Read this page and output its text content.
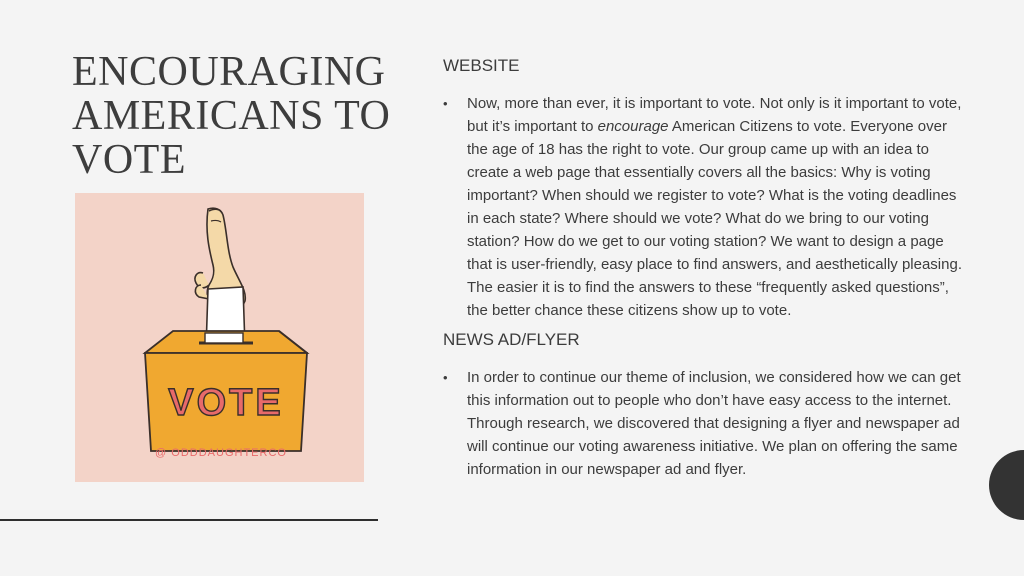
ENCOURAGING
AMERICANS TO
VOTE
VOTE
@ ODDDAUGHTERCO
WEBSITE

• Now, more than ever, it is important to vote. Not only is it important to vote, but it’s important to encourage American Citizens to vote. Everyone over the age of 18 has the right to vote. Our group came up with an idea to create a web page that essentially covers all the basics: Why is voting important? When should we register to vote? What is the voting deadlines in each state? Where should we vote? What do we bring to our voting station? How do we get to our voting station? We want to design a page that is user-friendly, easy place to find answers, and aesthetically pleasing. The easier it is to find the answers to these “frequently asked questions”, the better chance these citizens show up to vote.

NEWS AD/FLYER

• In order to continue our theme of inclusion, we considered how we can get this information out to people who don’t have easy access to the internet. Through research, we discovered that designing a flyer and newspaper ad will continue our voting awareness initiative. We plan on offering the same information in our newspaper ad and flyer.
